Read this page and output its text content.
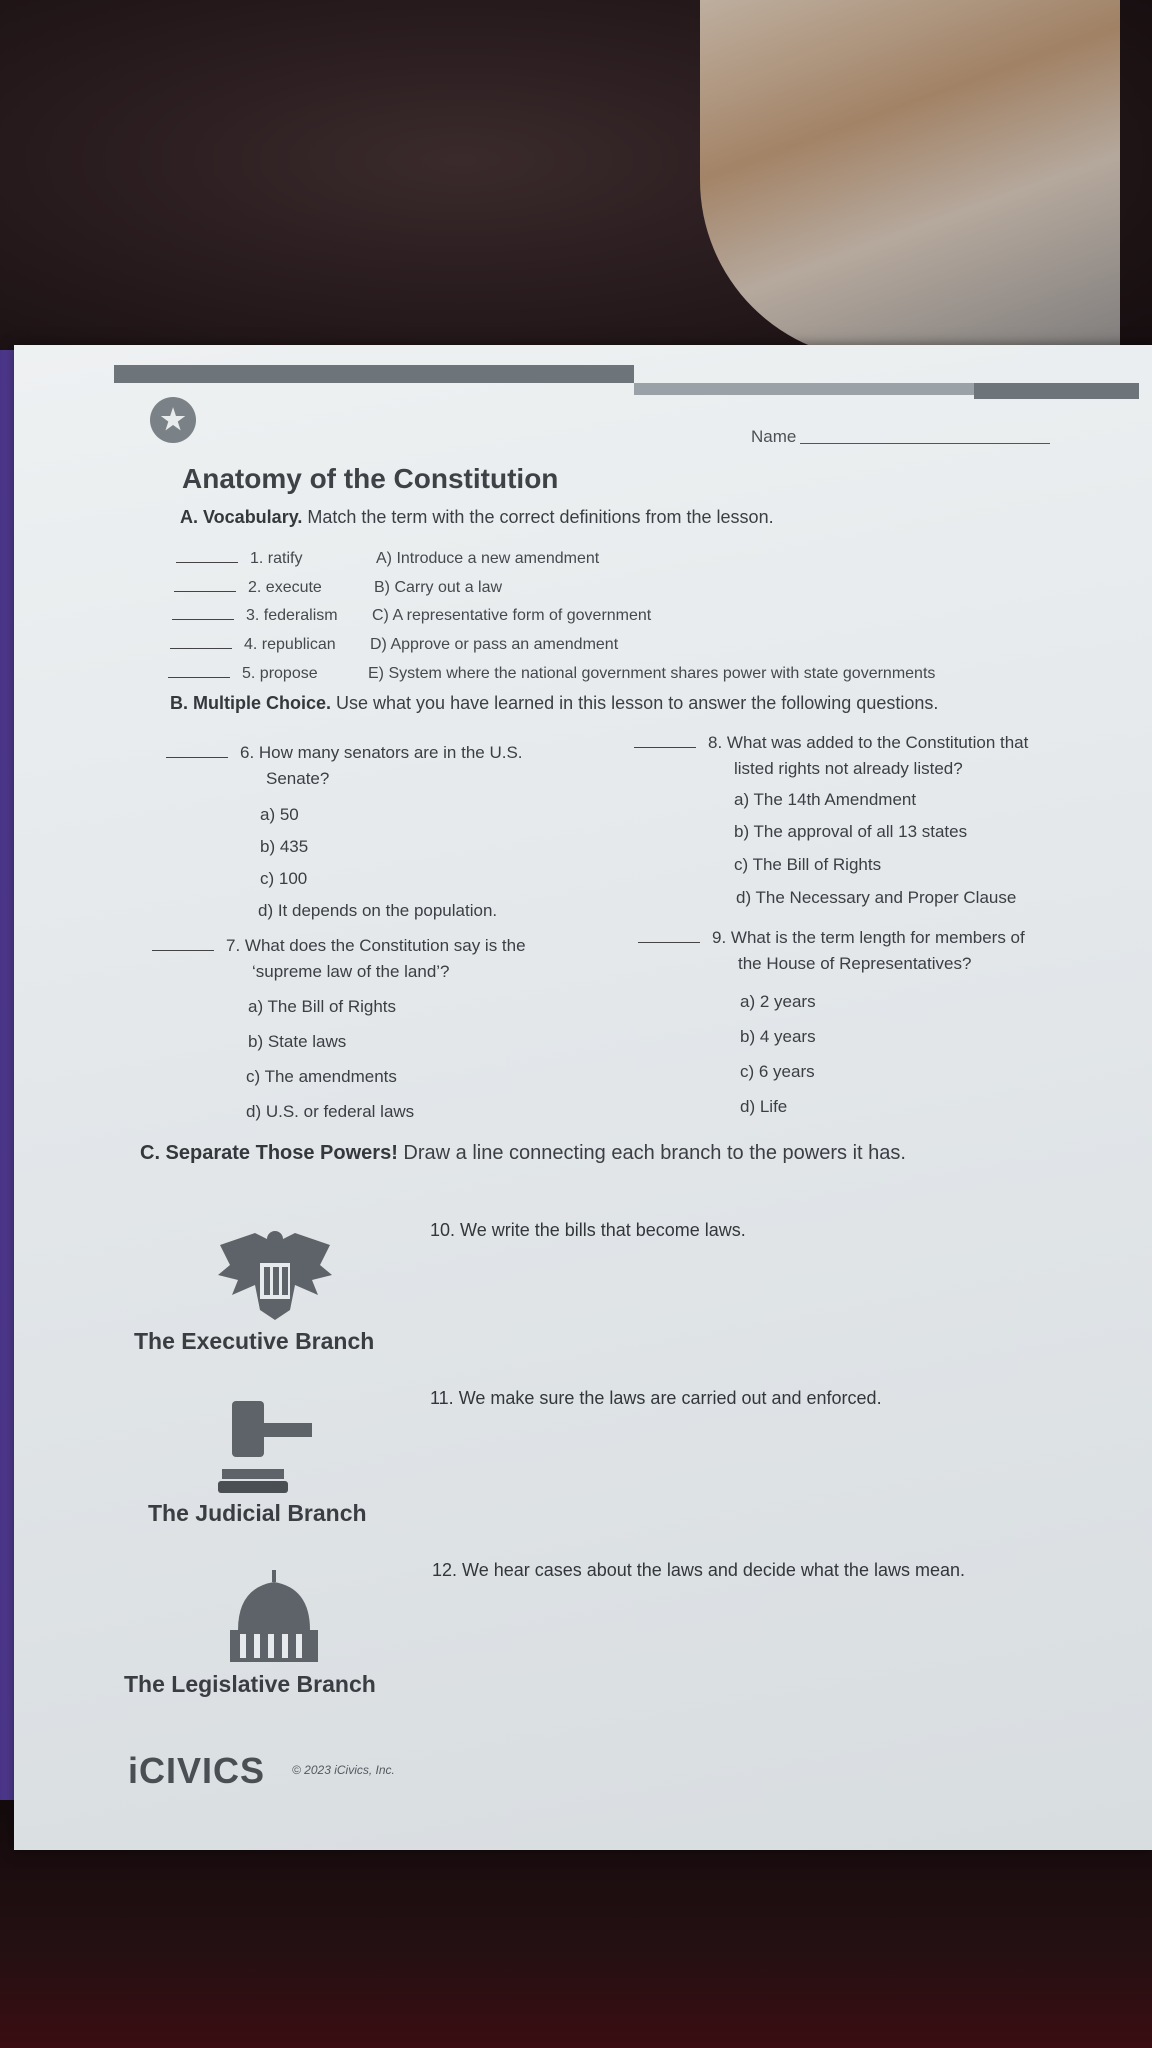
★
Name
Anatomy of the Constitution
A. Vocabulary. Match the term with the correct definitions from the lesson.
1. ratify	A) Introduce a new amendment
2. execute	B) Carry out a law
3. federalism C) A representative form of government
4. republican D) Approve or pass an amendment
5. propose	E) System where the national government shares power with state governments
B. Multiple Choice. Use what you have learned in this lesson to answer the following questions.
6. How many senators are in the U.S.
Senate?
a) 50
b) 435
c) 100
d) It depends on the population.
7. What does the Constitution say is the
‘supreme law of the land’?
a) The Bill of Rights
b) State laws
c) The amendments
d) U.S. or federal laws
8. What was added to the Constitution that
listed rights not already listed?
a) The 14th Amendment
b) The approval of all 13 states
c) The Bill of Rights
d) The Necessary and Proper Clause
9. What is the term length for members of
the House of Representatives?
a) 2 years
b) 4 years
c) 6 years
d) Life
C. Separate Those Powers! Draw a line connecting each branch to the powers it has.
The Executive Branch
10. We write the bills that become laws.
The Judicial Branch
11. We make sure the laws are carried out and enforced.
The Legislative Branch
12. We hear cases about the laws and decide what the laws mean.
iCIVICS © 2023 iCivics, Inc.
